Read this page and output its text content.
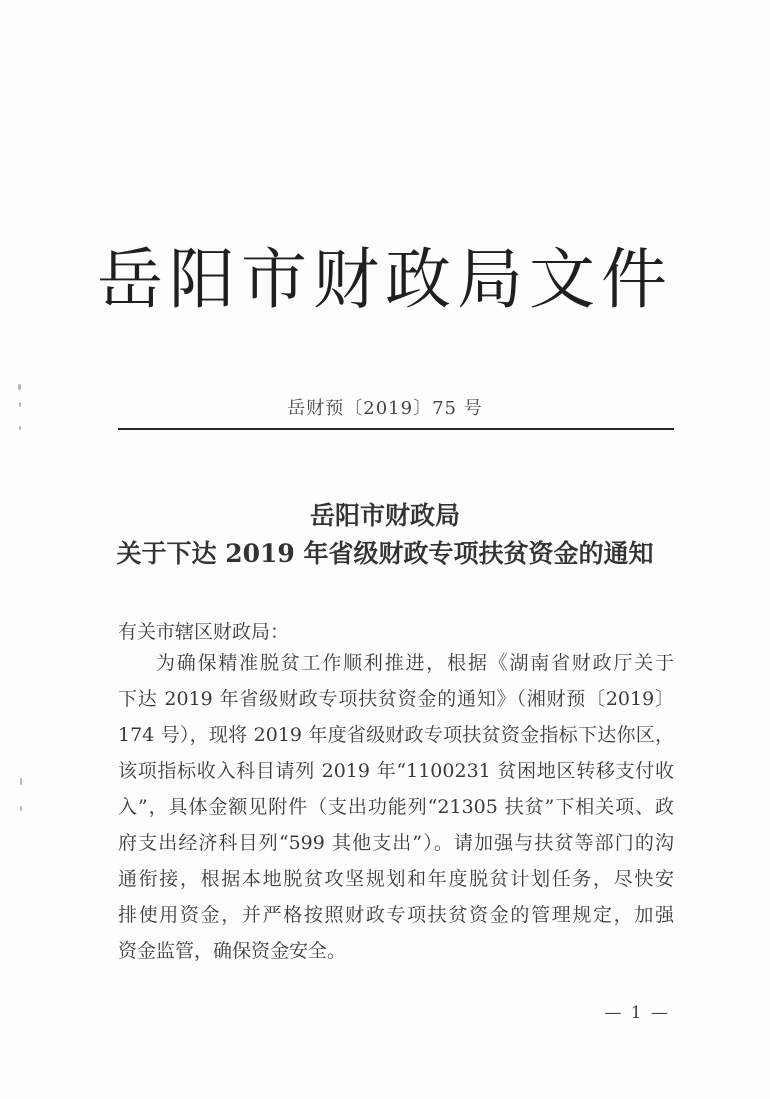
岳阳市财政局文件
岳财预〔2019〕75 号
岳阳市财政局
关于下达 2019 年省级财政专项扶贫资金的通知
有关市辖区财政局：
为确保精准脱贫工作顺利推进，根据《湖南省财政厅关于
下达 2019 年省级财政专项扶贫资金的通知》（湘财预〔2019〕
174 号），现将 2019 年度省级财政专项扶贫资金指标下达你区，
该项指标收入科目请列 2019 年“1100231 贫困地区转移支付收
入”，具体金额见附件（支出功能列“21305 扶贫”下相关项、政
府支出经济科目列“599 其他支出”）。请加强与扶贫等部门的沟
通衔接，根据本地脱贫攻坚规划和年度脱贫计划任务，尽快安
排使用资金，并严格按照财政专项扶贫资金的管理规定，加强
资金监管，确保资金安全。
— 1 —
